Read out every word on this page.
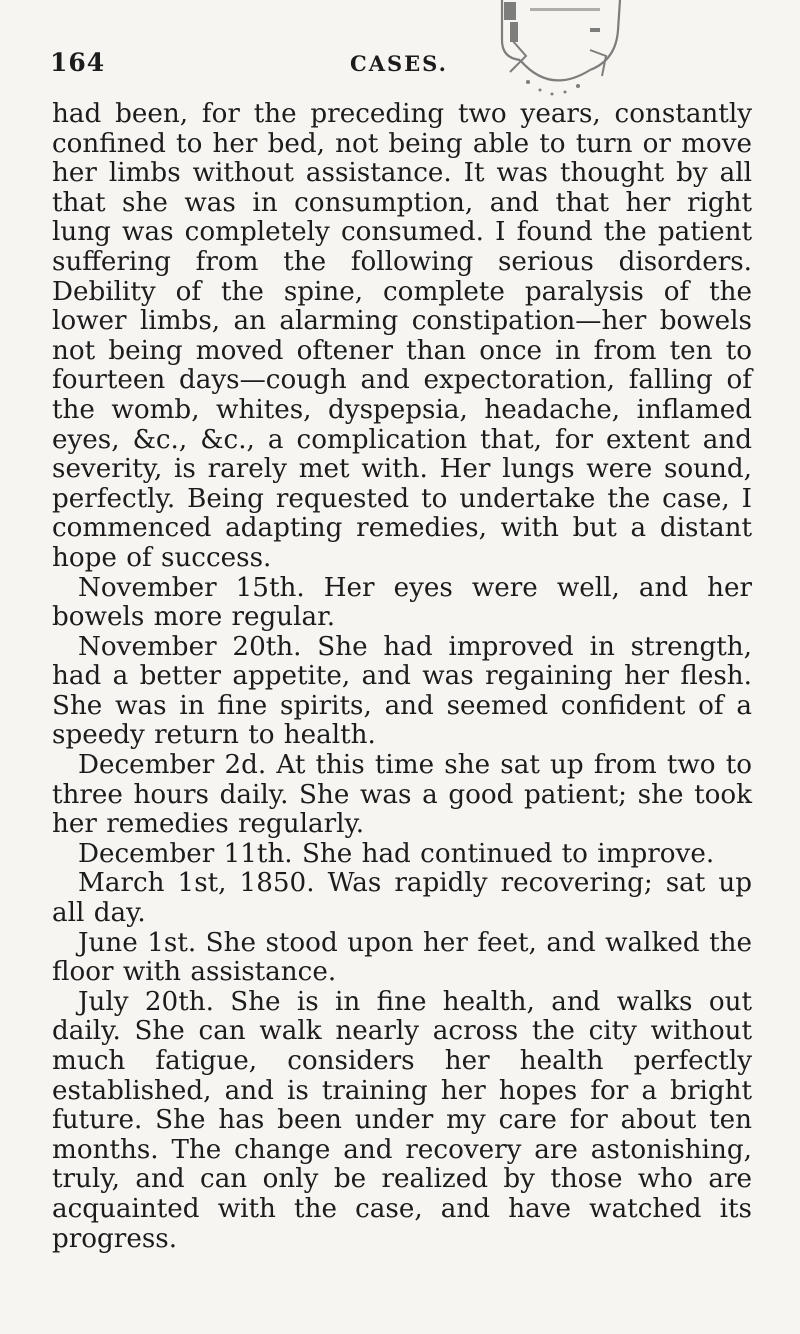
164	CASES.

had been, for the preceding two years, constantly confined to her bed, not being able to turn or move her limbs without assistance. It was thought by all that she was in consumption, and that her right lung was completely consumed. I found the patient suffering from the following serious disorders. Debility of the spine, complete paralysis of the lower limbs, an alarming constipation—her bowels not being moved oftener than once in from ten to fourteen days—cough and expectoration, falling of the womb, whites, dyspepsia, headache, inflamed eyes, &c., &c., a complication that, for extent and severity, is rarely met with. Her lungs were sound, perfectly. Being requested to undertake the case, I commenced adapting remedies, with but a distant hope of success.

November 15th. Her eyes were well, and her bowels more regular.

November 20th. She had improved in strength, had a better appetite, and was regaining her flesh. She was in fine spirits, and seemed confident of a speedy return to health.

December 2d. At this time she sat up from two to three hours daily. She was a good patient; she took her remedies regularly.

December 11th. She had continued to improve.

March 1st, 1850. Was rapidly recovering; sat up all day.

June 1st. She stood upon her feet, and walked the floor with assistance.

July 20th. She is in fine health, and walks out daily. She can walk nearly across the city without much fatigue, considers her health perfectly established, and is training her hopes for a bright future. She has been under my care for about ten months. The change and recovery are astonishing, truly, and can only be realized by those who are acquainted with the case, and have watched its progress.
